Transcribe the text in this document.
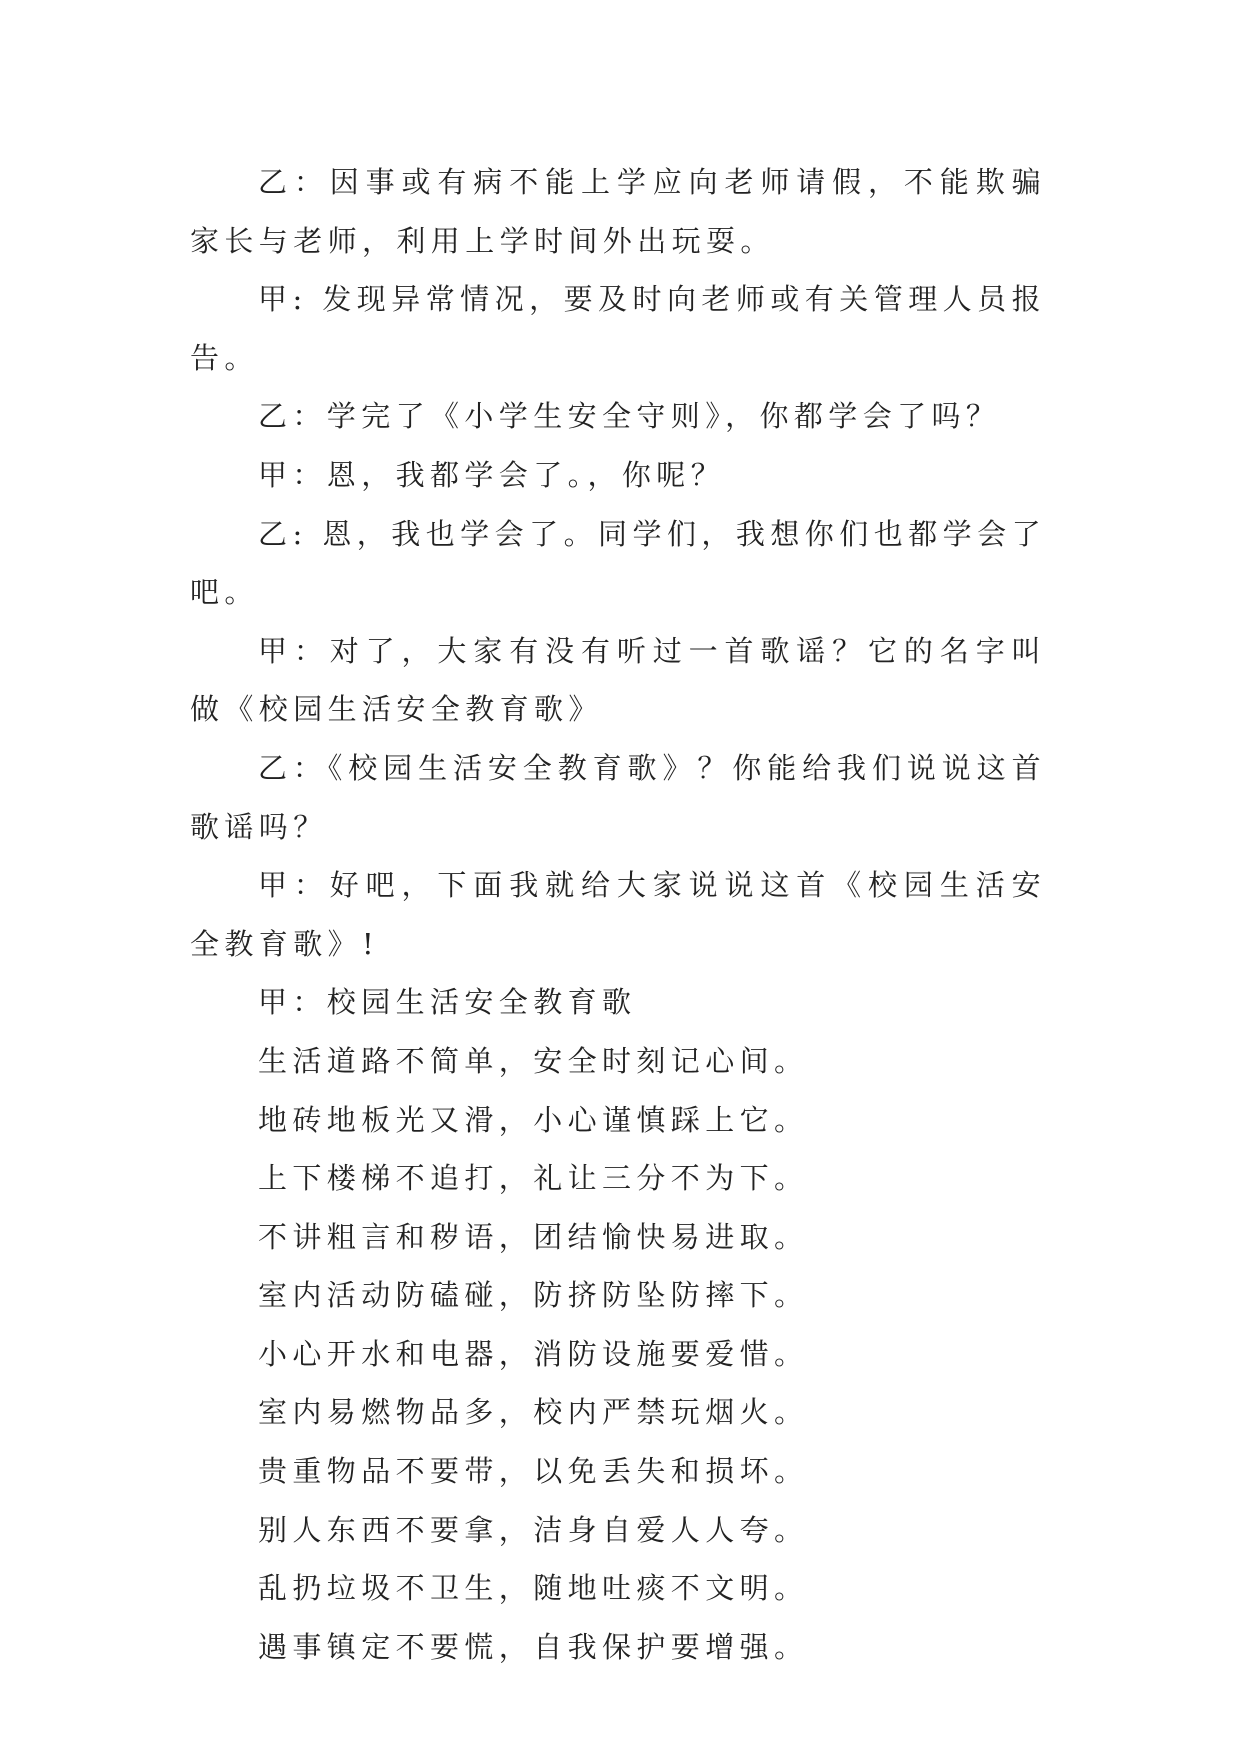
乙：因事或有病不能上学应向老师请假，不能欺骗家长与老师，利用上学时间外出玩耍。

甲: 发现异常情况，要及时向老师或有关管理人员报告。

乙：学完了《小学生安全守则》，你都学会了吗？

甲：恩，我都学会了。，你呢？

乙: 恩，我也学会了。同学们，我想你们也都学会了吧。

甲：对了，大家有没有听过一首歌谣？它的名字叫做《校园生活安全教育歌》

乙：《校园生活安全教育歌》？你能给我们说说这首歌谣吗？

甲：好吧，下面我就给大家说说这首《校园生活安全教育歌》!

甲：校园生活安全教育歌

生活道路不简单，安全时刻记心间。

地砖地板光又滑，小心谨慎踩上它。

上下楼梯不追打，礼让三分不为下。

不讲粗言和秽语，团结愉快易进取。

室内活动防磕碰，防挤防坠防摔下。

小心开水和电器，消防设施要爱惜。

室内易燃物品多，校内严禁玩烟火。

贵重物品不要带，以免丢失和损坏。

别人东西不要拿，洁身自爱人人夸。

乱扔垃圾不卫生，随地吐痰不文明。

遇事镇定不要慌，自我保护要增强。
